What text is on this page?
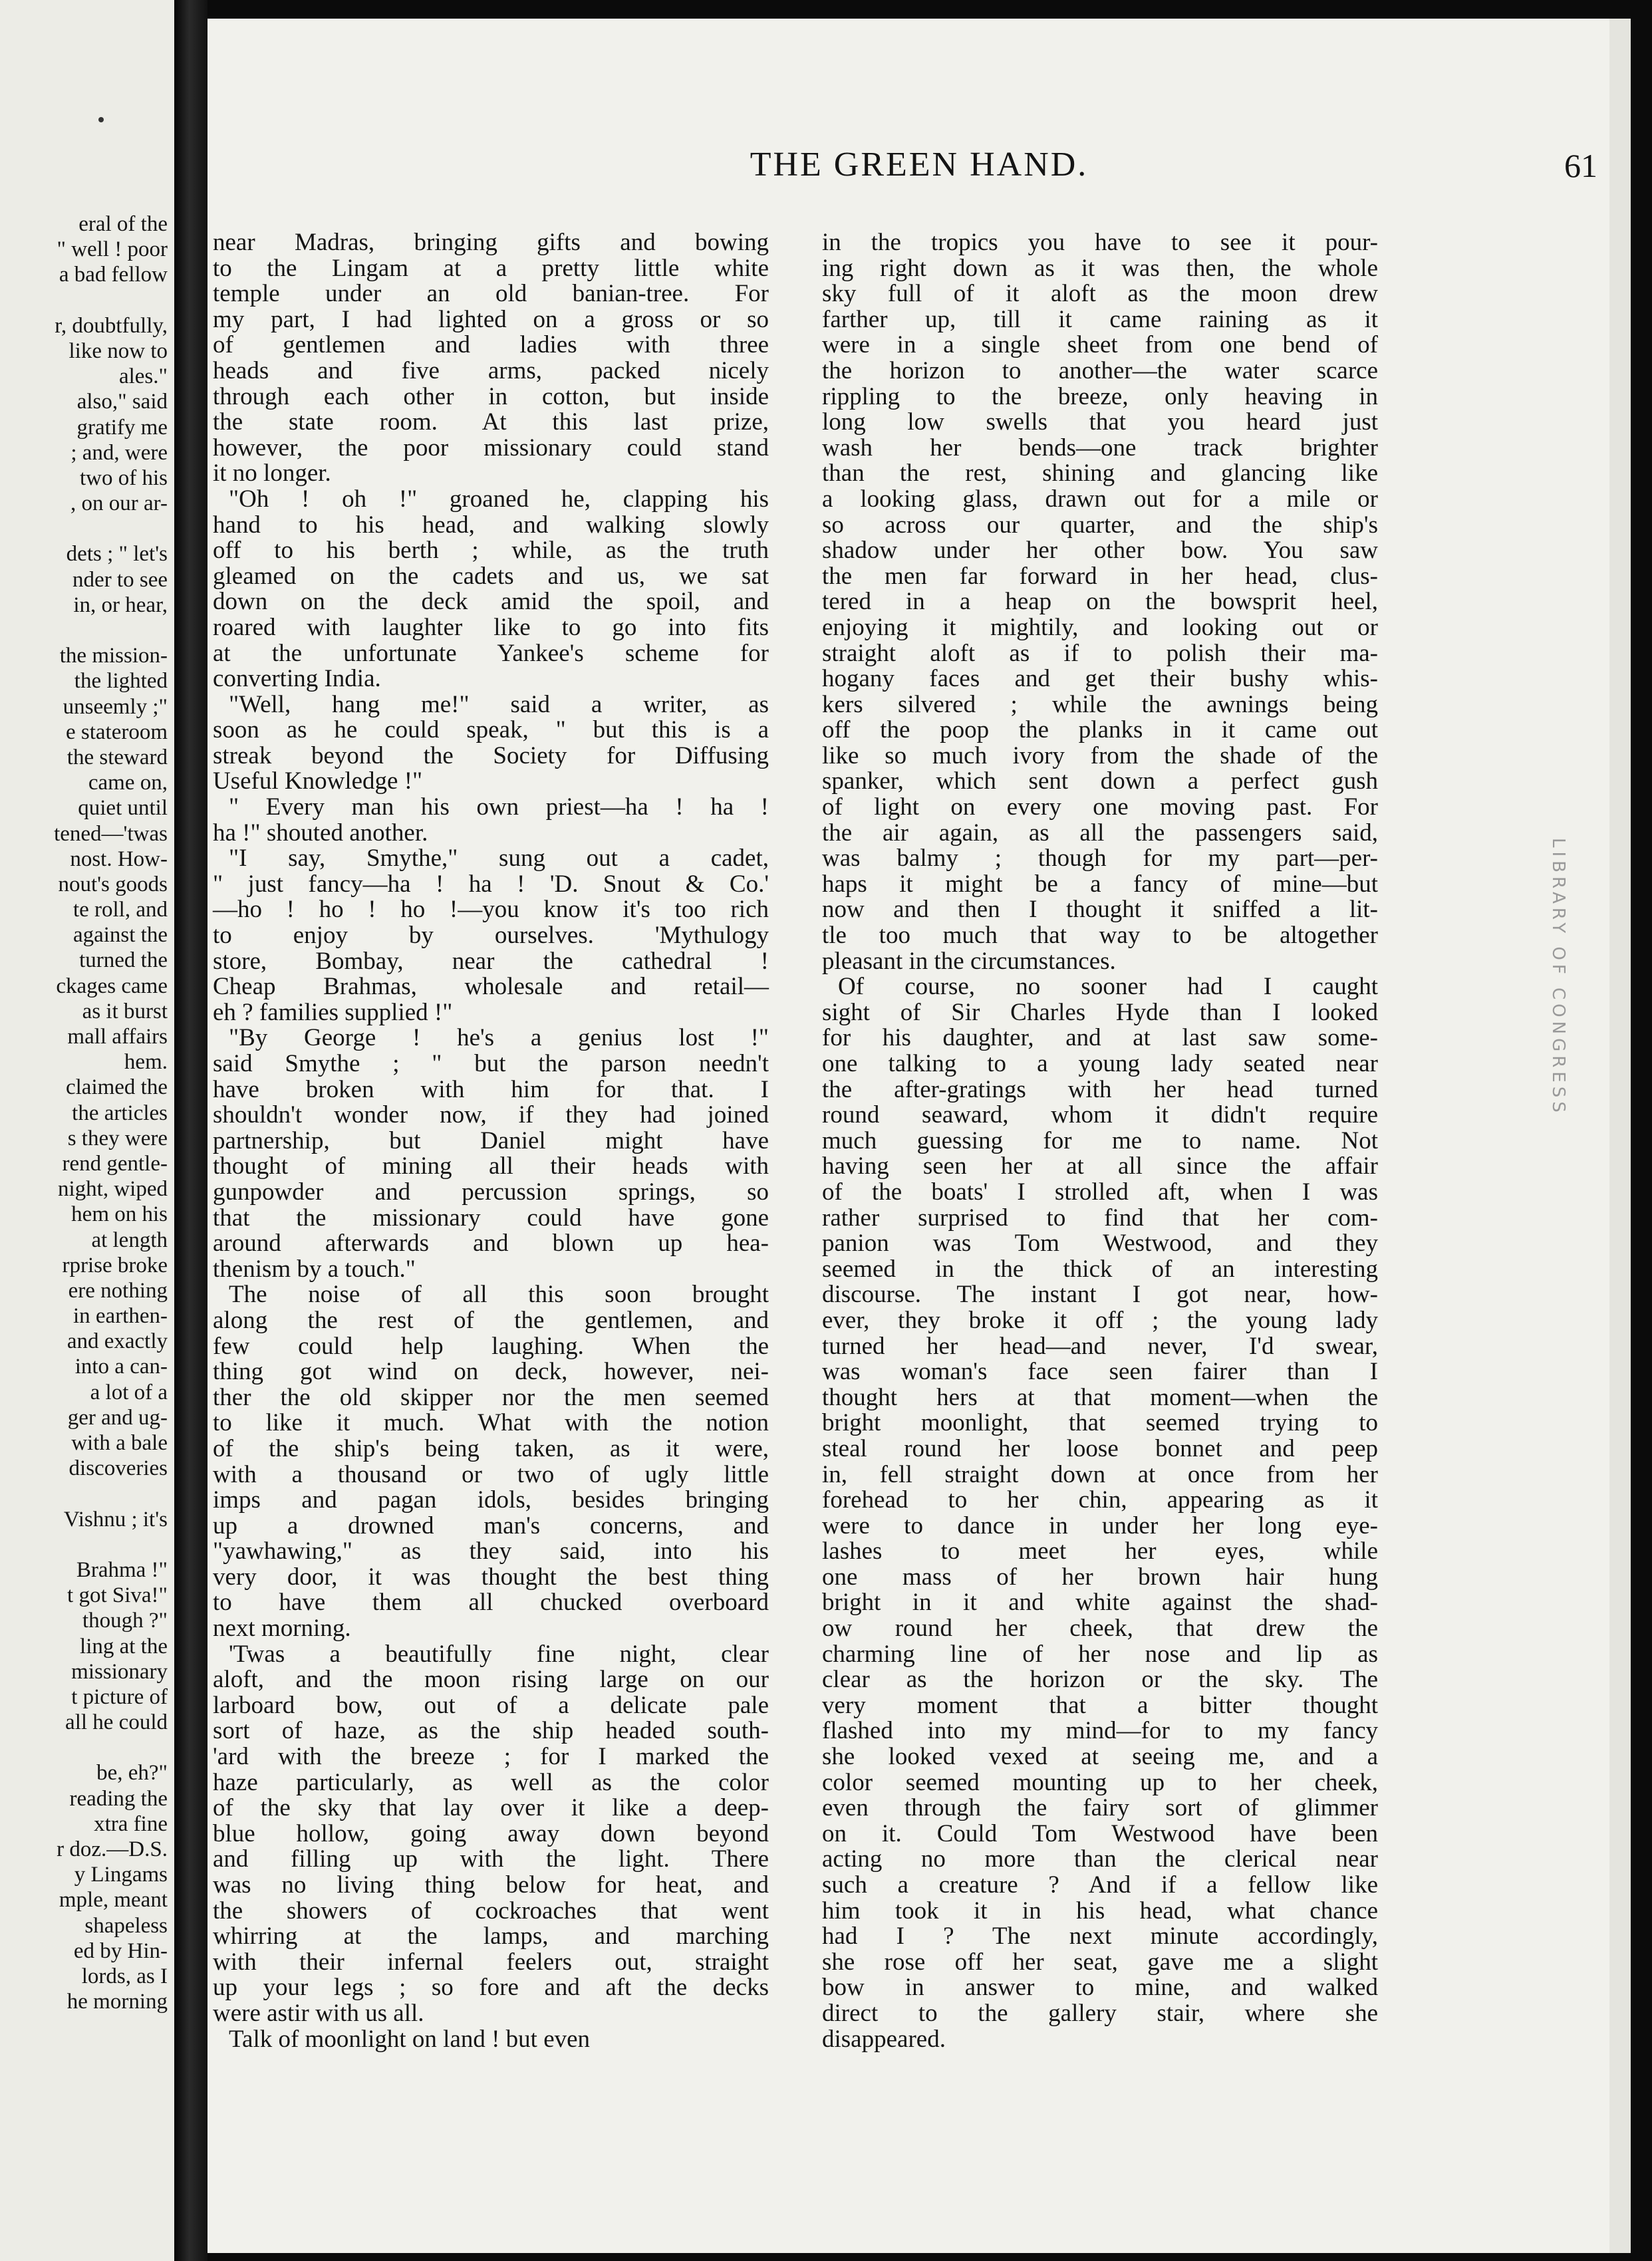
eral of the
" well ! poor
a bad fellow
r, doubtfully,
like now to
ales."
also," said
gratify me
; and, were
two of his
, on our ar-
dets ; " let's
nder to see
in, or hear,
the mission-
the lighted
unseemly ;"
e stateroom
the steward
came on,
quiet until
tened—'twas
nost. How-
nout's goods
te roll, and
against the
turned the
ckages came
as it burst
mall affairs
hem.
claimed the
the articles
s they were
rend gentle-
night, wiped
hem on his
at length
rprise broke
ere nothing
in earthen-
and exactly
into a can-
a lot of a
ger and ug-
with a bale
discoveries
Vishnu ; it's
Brahma !"
t got Siva!"
though ?"
ling at the
missionary
t picture of
all he could
be, eh?"
reading the
xtra fine
r doz.—D.S.
y Lingams
mple, meant
shapeless
ed by Hin-
lords, as I
he morning
THE GREEN HAND.	61
near Madras, bringing gifts and bowing
to the Lingam at a pretty little white
temple under an old banian-tree. For
my part, I had lighted on a gross or so
of gentlemen and ladies with three
heads and five arms, packed nicely
through each other in cotton, but inside
the state room. At this last prize,
however, the poor missionary could stand
it no longer.
"Oh ! oh !" groaned he, clapping his
hand to his head, and walking slowly
off to his berth ; while, as the truth
gleamed on the cadets and us, we sat
down on the deck amid the spoil, and
roared with laughter like to go into fits
at the unfortunate Yankee's scheme for
converting India.
"Well, hang me!" said a writer, as
soon as he could speak, " but this is a
streak beyond the Society for Diffusing
Useful Knowledge !"
" Every man his own priest—ha ! ha !
ha !" shouted another.
"I say, Smythe," sung out a cadet,
" just fancy—ha ! ha ! 'D. Snout & Co.'
—ho ! ho ! ho !—you know it's too rich
to enjoy by ourselves. 'Mythulogy
store, Bombay, near the cathedral !
Cheap Brahmas, wholesale and retail—
eh ? families supplied !"
"By George ! he's a genius lost !"
said Smythe ; " but the parson needn't
have broken with him for that. I
shouldn't wonder now, if they had joined
partnership, but Daniel might have
thought of mining all their heads with
gunpowder and percussion springs, so
that the missionary could have gone
around afterwards and blown up hea-
thenism by a touch."
The noise of all this soon brought
along the rest of the gentlemen, and
few could help laughing. When the
thing got wind on deck, however, nei-
ther the old skipper nor the men seemed
to like it much. What with the notion
of the ship's being taken, as it were,
with a thousand or two of ugly little
imps and pagan idols, besides bringing
up a drowned man's concerns, and
"yawhawing," as they said, into his
very door, it was thought the best thing
to have them all chucked overboard
next morning.
'Twas a beautifully fine night, clear
aloft, and the moon rising large on our
larboard bow, out of a delicate pale
sort of haze, as the ship headed south-
'ard with the breeze ; for I marked the
haze particularly, as well as the color
of the sky that lay over it like a deep-
blue hollow, going away down beyond
and filling up with the light. There
was no living thing below for heat, and
the showers of cockroaches that went
whirring at the lamps, and marching
with their infernal feelers out, straight
up your legs ; so fore and aft the decks
were astir with us all.
Talk of moonlight on land ! but even
in the tropics you have to see it pour-
ing right down as it was then, the whole
sky full of it aloft as the moon drew
farther up, till it came raining as it
were in a single sheet from one bend of
the horizon to another—the water scarce
rippling to the breeze, only heaving in
long low swells that you heard just
wash her bends—one track brighter
than the rest, shining and glancing like
a looking glass, drawn out for a mile or
so across our quarter, and the ship's
shadow under her other bow. You saw
the men far forward in her head, clus-
tered in a heap on the bowsprit heel,
enjoying it mightily, and looking out or
straight aloft as if to polish their ma-
hogany faces and get their bushy whis-
kers silvered ; while the awnings being
off the poop the planks in it came out
like so much ivory from the shade of the
spanker, which sent down a perfect gush
of light on every one moving past. For
the air again, as all the passengers said,
was balmy ; though for my part—per-
haps it might be a fancy of mine—but
now and then I thought it sniffed a lit-
tle too much that way to be altogether
pleasant in the circumstances.
Of course, no sooner had I caught
sight of Sir Charles Hyde than I looked
for his daughter, and at last saw some-
one talking to a young lady seated near
the after-gratings with her head turned
round seaward, whom it didn't require
much guessing for me to name. Not
having seen her at all since the affair
of the boats' I strolled aft, when I was
rather surprised to find that her com-
panion was Tom Westwood, and they
seemed in the thick of an interesting
discourse. The instant I got near, how-
ever, they broke it off ; the young lady
turned her head—and never, I'd swear,
was woman's face seen fairer than I
thought hers at that moment—when the
bright moonlight, that seemed trying to
steal round her loose bonnet and peep
in, fell straight down at once from her
forehead to her chin, appearing as it
were to dance in under her long eye-
lashes to meet her eyes, while
one mass of her brown hair hung
bright in it and white against the shad-
ow round her cheek, that drew the
charming line of her nose and lip as
clear as the horizon or the sky. The
very moment that a bitter thought
flashed into my mind—for to my fancy
she looked vexed at seeing me, and a
color seemed mounting up to her cheek,
even through the fairy sort of glimmer
on it. Could Tom Westwood have been
acting no more than the clerical near
such a creature ? And if a fellow like
him took it in his head, what chance
had I ? The next minute accordingly,
she rose off her seat, gave me a slight
bow in answer to mine, and walked
direct to the gallery stair, where she
disappeared.
LIBRARY OF CONGRESS
